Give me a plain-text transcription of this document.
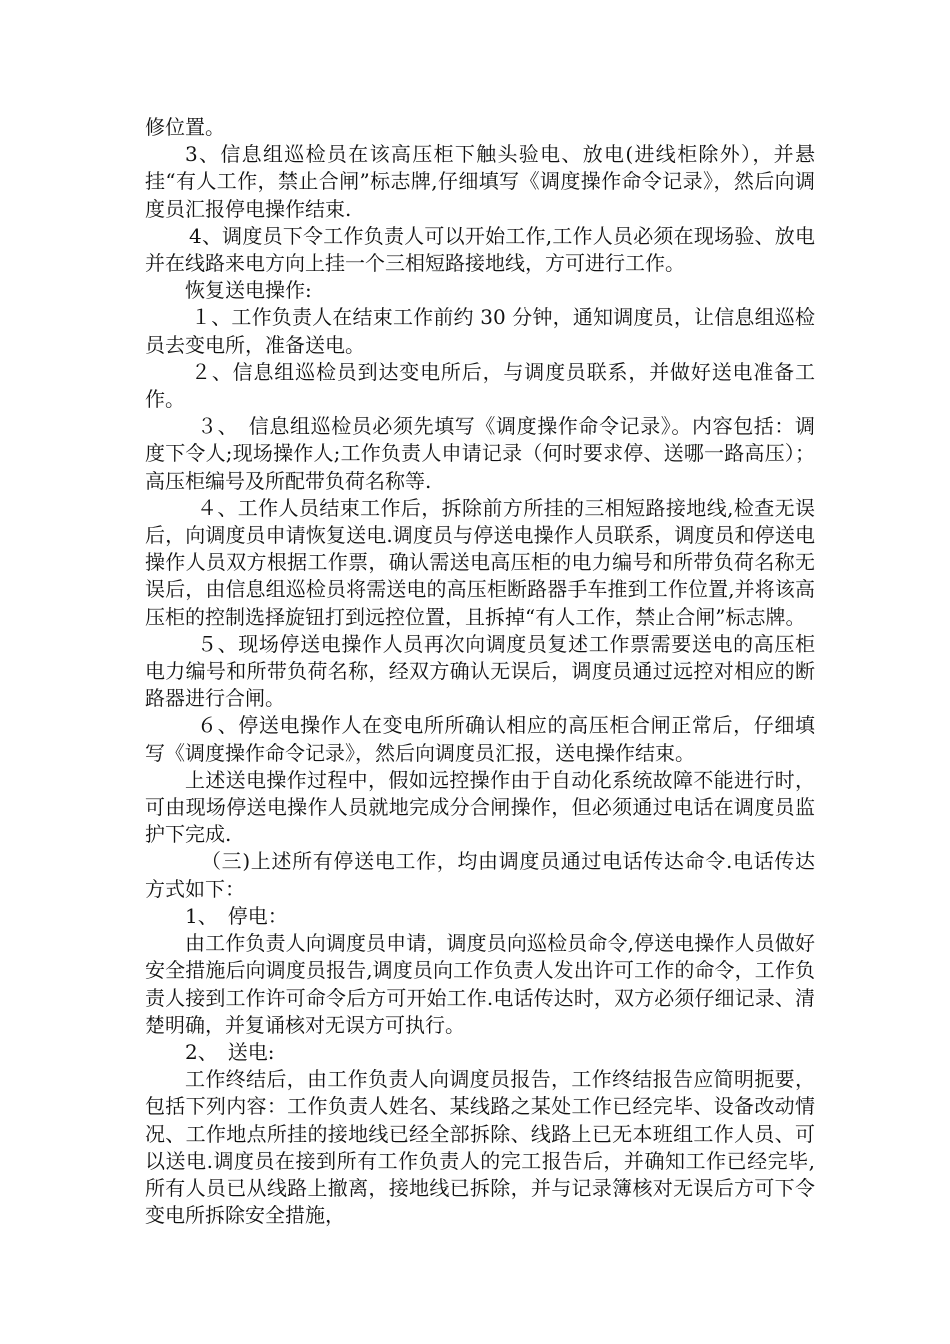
修位置。

3、信息组巡检员在该高压柜下触头验电、放电(进线柜除外），并悬挂“有人工作，禁止合闸”标志牌,仔细填写《调度操作命令记录》，然后向调度员汇报停电操作结束.

4、调度员下令工作负责人可以开始工作,工作人员必须在现场验、放电并在线路来电方向上挂一个三相短路接地线，方可进行工作。

恢复送电操作:

１、工作负责人在结束工作前约 30 分钟，通知调度员，让信息组巡检员去变电所，准备送电。

２、信息组巡检员到达变电所后，与调度员联系，并做好送电准备工作。

３、　信息组巡检员必须先填写《调度操作命令记录》。内容包括：调度下令人;现场操作人;工作负责人申请记录（何时要求停、送哪一路高压）；高压柜编号及所配带负荷名称等.

４、工作人员结束工作后，拆除前方所挂的三相短路接地线,检查无误后，向调度员申请恢复送电.调度员与停送电操作人员联系，调度员和停送电操作人员双方根据工作票，确认需送电高压柜的电力编号和所带负荷名称无误后，由信息组巡检员将需送电的高压柜断路器手车推到工作位置,并将该高压柜的控制选择旋钮打到远控位置，且拆掉“有人工作，禁止合闸”标志牌。

５、现场停送电操作人员再次向调度员复述工作票需要送电的高压柜电力编号和所带负荷名称，经双方确认无误后，调度员通过远控对相应的断路器进行合闸。

６、停送电操作人在变电所所确认相应的高压柜合闸正常后，仔细填写《调度操作命令记录》，然后向调度员汇报，送电操作结束。

上述送电操作过程中，假如远控操作由于自动化系统故障不能进行时，可由现场停送电操作人员就地完成分合闸操作，但必须通过电话在调度员监护下完成.

（三)上述所有停送电工作，均由调度员通过电话传达命令.电话传达方式如下：

1、　停电：

由工作负责人向调度员申请，调度员向巡检员命令,停送电操作人员做好安全措施后向调度员报告,调度员向工作负责人发出许可工作的命令，工作负责人接到工作许可命令后方可开始工作.电话传达时，双方必须仔细记录、清楚明确，并复诵核对无误方可执行。

2、　送电:

工作终结后，由工作负责人向调度员报告，工作终结报告应简明扼要，包括下列内容：工作负责人姓名、某线路之某处工作已经完毕、设备改动情况、工作地点所挂的接地线已经全部拆除、线路上已无本班组工作人员、可以送电.调度员在接到所有工作负责人的完工报告后，并确知工作已经完毕,所有人员已从线路上撤离，接地线已拆除，并与记录簿核对无误后方可下令变电所拆除安全措施，
